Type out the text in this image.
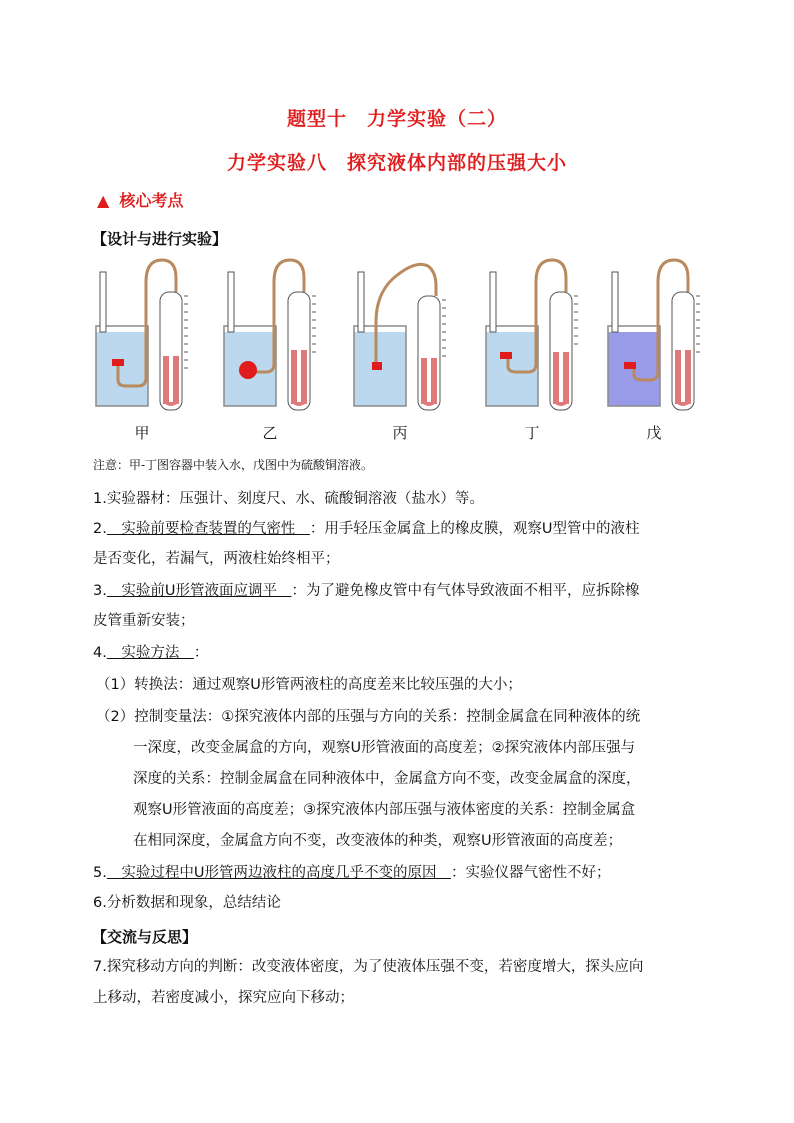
题型十　力学实验（二）
力学实验八　探究液体内部的压强大小
▲ 核心考点
【设计与进行实验】
甲	乙	丙	丁	戊
注意：甲-丁图容器中装入水，戊图中为硫酸铜溶液。
1.实验器材：压强计、刻度尺、水、硫酸铜溶液（盐水）等。
2.　实验前要检查装置的气密性　：用手轻压金属盒上的橡皮膜，观察U型管中的液柱
是否变化，若漏气，两液柱始终相平；
3.　实验前U形管液面应调平　：为了避免橡皮管中有气体导致液面不相平，应拆除橡
皮管重新安装；
4.　实验方法　：
（1）转换法：通过观察U形管两液柱的高度差来比较压强的大小；
（2）控制变量法：①探究液体内部的压强与方向的关系：控制金属盒在同种液体的统
一深度，改变金属盒的方向，观察U形管液面的高度差；②探究液体内部压强与
深度的关系：控制金属盒在同种液体中，金属盒方向不变，改变金属盒的深度，
观察U形管液面的高度差；③探究液体内部压强与液体密度的关系：控制金属盒
在相同深度，金属盒方向不变，改变液体的种类，观察U形管液面的高度差；
5.　实验过程中U形管两边液柱的高度几乎不变的原因　：实验仪器气密性不好；
6.分析数据和现象，总结结论
【交流与反思】
7.探究移动方向的判断：改变液体密度，为了使液体压强不变，若密度增大，探头应向
上移动，若密度减小，探究应向下移动；
